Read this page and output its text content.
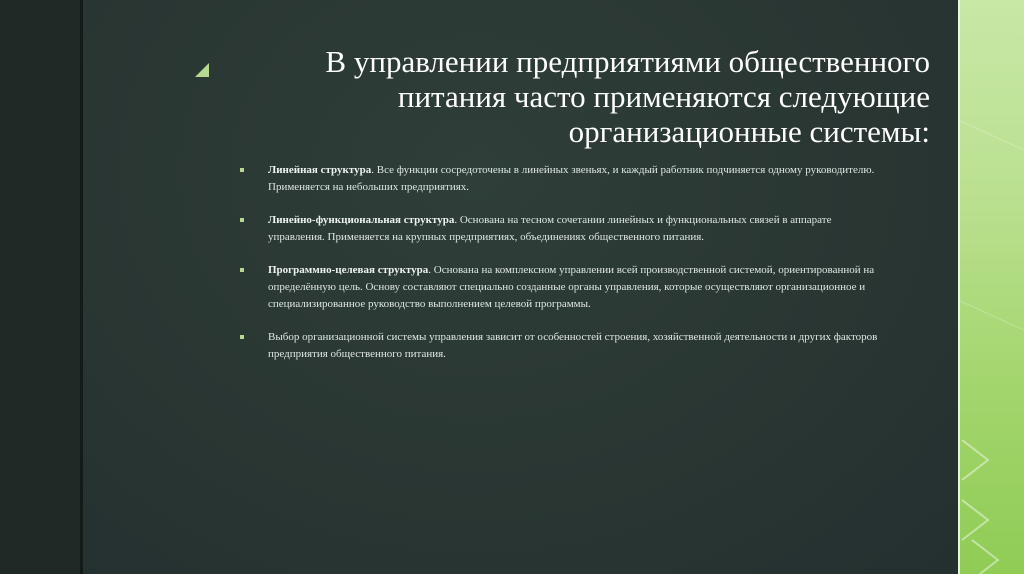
В управлении предприятиями общественного питания часто применяются следующие организационные системы:
Линейная структура. Все функции сосредоточены в линейных звеньях, и каждый работник подчиняется одному руководителю. Применяется на небольших предприятиях.
Линейно-функциональная структура. Основана на тесном сочетании линейных и функциональных связей в аппарате управления. Применяется на крупных предприятиях, объединениях общественного питания.
Программно-целевая структура. Основана на комплексном управлении всей производственной системой, ориентированной на определённую цель. Основу составляют специально созданные органы управления, которые осуществляют организационное и специализированное руководство выполнением целевой программы.
Выбор организационной системы управления зависит от особенностей строения, хозяйственной деятельности и других факторов предприятия общественного питания.
